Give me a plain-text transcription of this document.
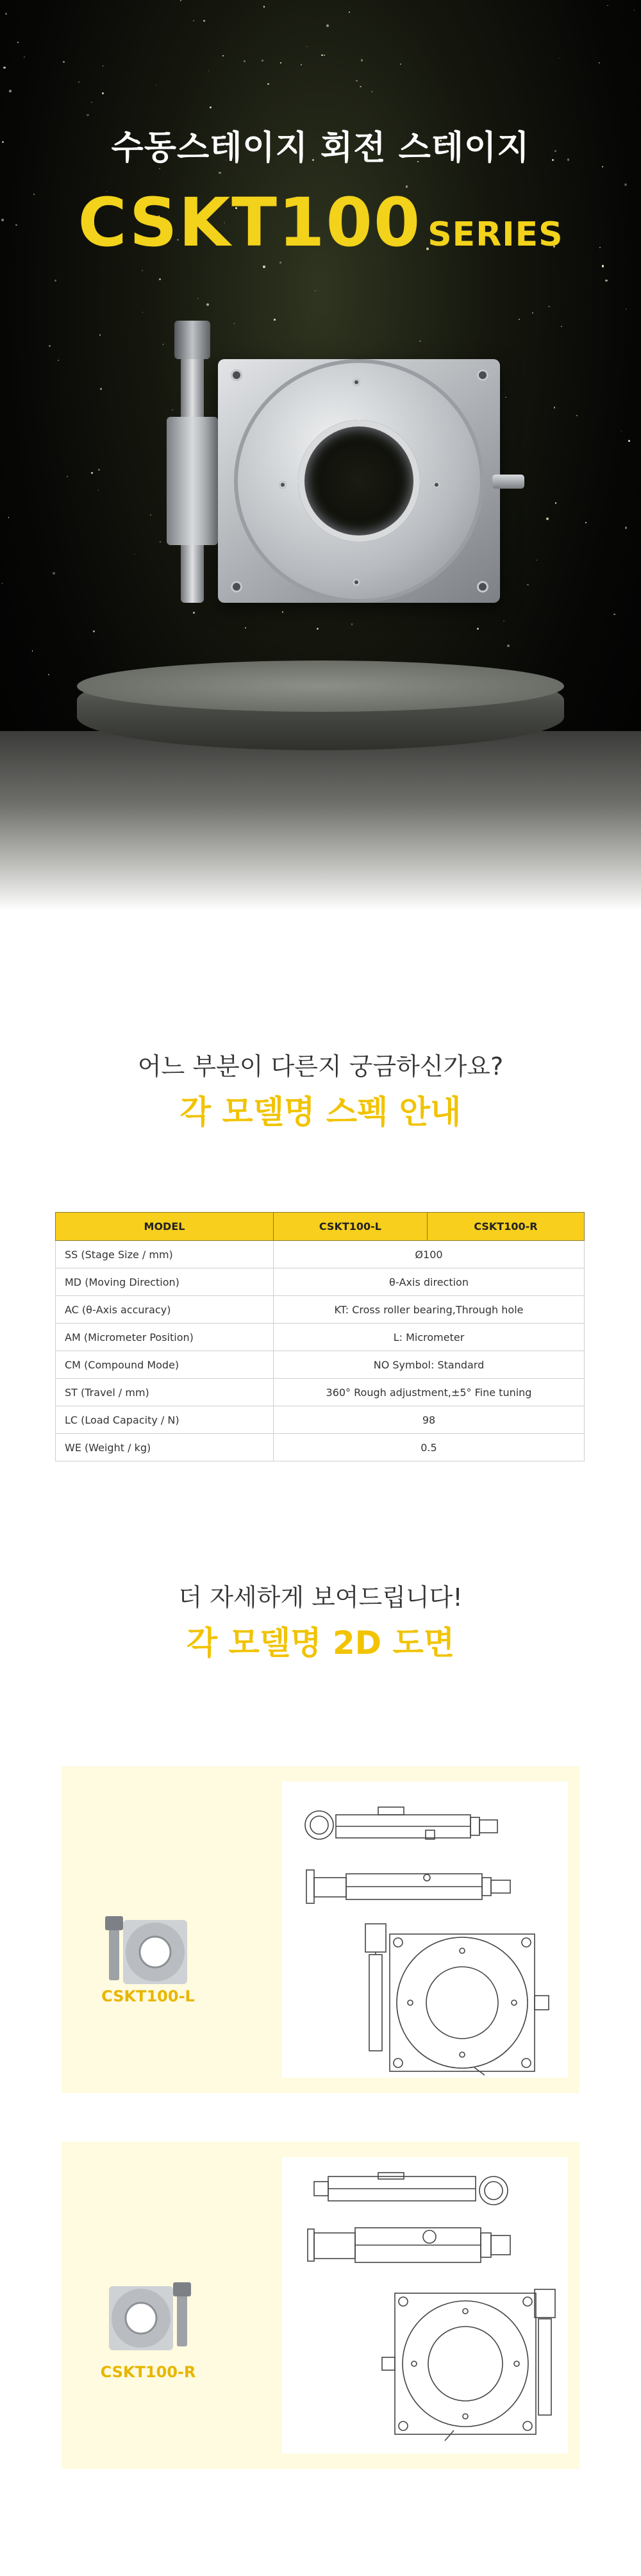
수동스테이지 회전 스테이지
CSKT100 SERIES
어느 부분이 다른지 궁금하신가요?
각 모델명 스펙 안내
MODEL	CSKT100-L	CSKT100-R
SS (Stage Size / mm)	Ø100	
MD (Moving Direction)	θ-Axis direction	
AC (θ-Axis accuracy)	KT: Cross roller bearing,Through hole	
AM (Micrometer Position)	L: Micrometer	
CM (Compound Mode)	NO Symbol: Standard	
ST (Travel / mm)	360° Rough adjustment,±5° Fine tuning	
LC (Load Capacity / N)	98	
WE (Weight / kg)	0.5	
더 자세하게 보여드립니다!
각 모델명 2D 도면
CSKT100-L
CSKT100-R
